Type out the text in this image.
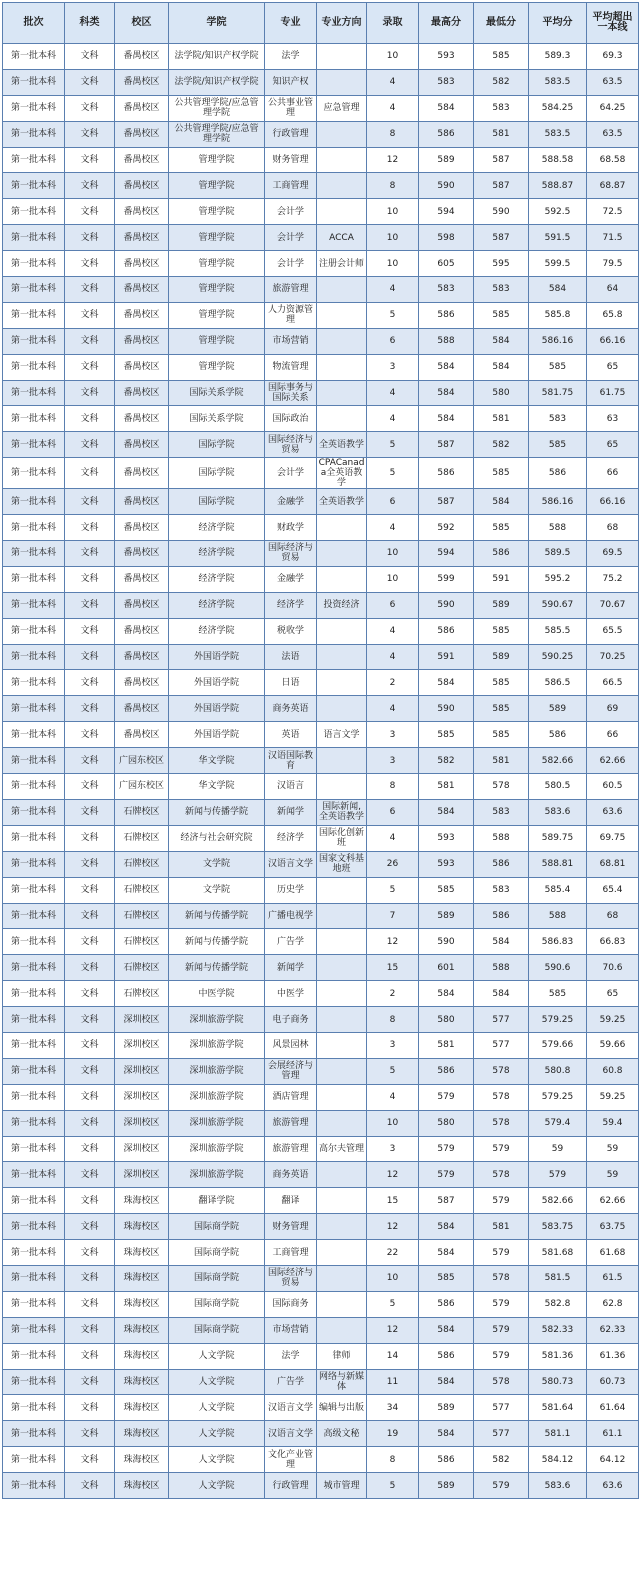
批次	科类	校区	学院	专业	专业方向	录取	最高分	最低分	平均分	平均超出一本线
第一批本科	文科	番禺校区	法学院/知识产权学院	法学		10	593	585	589.3	69.3
第一批本科	文科	番禺校区	法学院/知识产权学院	知识产权		4	583	582	583.5	63.5
第一批本科	文科	番禺校区	公共管理学院/应急管理学院	公共事业管理	应急管理	4	584	583	584.25	64.25
第一批本科	文科	番禺校区	公共管理学院/应急管理学院	行政管理		8	586	581	583.5	63.5
第一批本科	文科	番禺校区	管理学院	财务管理		12	589	587	588.58	68.58
第一批本科	文科	番禺校区	管理学院	工商管理		8	590	587	588.87	68.87
第一批本科	文科	番禺校区	管理学院	会计学		10	594	590	592.5	72.5
第一批本科	文科	番禺校区	管理学院	会计学	ACCA	10	598	587	591.5	71.5
第一批本科	文科	番禺校区	管理学院	会计学	注册会计师	10	605	595	599.5	79.5
第一批本科	文科	番禺校区	管理学院	旅游管理		4	583	583	584	64
第一批本科	文科	番禺校区	管理学院	人力资源管理		5	586	585	585.8	65.8
第一批本科	文科	番禺校区	管理学院	市场营销		6	588	584	586.16	66.16
第一批本科	文科	番禺校区	管理学院	物流管理		3	584	584	585	65
第一批本科	文科	番禺校区	国际关系学院	国际事务与国际关系		4	584	580	581.75	61.75
第一批本科	文科	番禺校区	国际关系学院	国际政治		4	584	581	583	63
第一批本科	文科	番禺校区	国际学院	国际经济与贸易	全英语教学	5	587	582	585	65
第一批本科	文科	番禺校区	国际学院	会计学	CPACanada全英语教学	5	586	585	586	66
第一批本科	文科	番禺校区	国际学院	金融学	全英语教学	6	587	584	586.16	66.16
第一批本科	文科	番禺校区	经济学院	财政学		4	592	585	588	68
第一批本科	文科	番禺校区	经济学院	国际经济与贸易		10	594	586	589.5	69.5
第一批本科	文科	番禺校区	经济学院	金融学		10	599	591	595.2	75.2
第一批本科	文科	番禺校区	经济学院	经济学	投资经济	6	590	589	590.67	70.67
第一批本科	文科	番禺校区	经济学院	税收学		4	586	585	585.5	65.5
第一批本科	文科	番禺校区	外国语学院	法语		4	591	589	590.25	70.25
第一批本科	文科	番禺校区	外国语学院	日语		2	584	585	586.5	66.5
第一批本科	文科	番禺校区	外国语学院	商务英语		4	590	585	589	69
第一批本科	文科	番禺校区	外国语学院	英语	语言文学	3	585	585	586	66
第一批本科	文科	广园东校区	华文学院	汉语国际教育		3	582	581	582.66	62.66
第一批本科	文科	广园东校区	华文学院	汉语言		8	581	578	580.5	60.5
第一批本科	文科	石牌校区	新闻与传播学院	新闻学	国际新闻,全英语教学	6	584	583	583.6	63.6
第一批本科	文科	石牌校区	经济与社会研究院	经济学	国际化创新班	4	593	588	589.75	69.75
第一批本科	文科	石牌校区	文学院	汉语言文学	国家文科基地班	26	593	586	588.81	68.81
第一批本科	文科	石牌校区	文学院	历史学		5	585	583	585.4	65.4
第一批本科	文科	石牌校区	新闻与传播学院	广播电视学		7	589	586	588	68
第一批本科	文科	石牌校区	新闻与传播学院	广告学		12	590	584	586.83	66.83
第一批本科	文科	石牌校区	新闻与传播学院	新闻学		15	601	588	590.6	70.6
第一批本科	文科	石牌校区	中医学院	中医学		2	584	584	585	65
第一批本科	文科	深圳校区	深圳旅游学院	电子商务		8	580	577	579.25	59.25
第一批本科	文科	深圳校区	深圳旅游学院	风景园林		3	581	577	579.66	59.66
第一批本科	文科	深圳校区	深圳旅游学院	会展经济与管理		5	586	578	580.8	60.8
第一批本科	文科	深圳校区	深圳旅游学院	酒店管理		4	579	578	579.25	59.25
第一批本科	文科	深圳校区	深圳旅游学院	旅游管理		10	580	578	579.4	59.4
第一批本科	文科	深圳校区	深圳旅游学院	旅游管理	高尔夫管理	3	579	579	59	59
第一批本科	文科	深圳校区	深圳旅游学院	商务英语		12	579	578	579	59
第一批本科	文科	珠海校区	翻译学院	翻译		15	587	579	582.66	62.66
第一批本科	文科	珠海校区	国际商学院	财务管理		12	584	581	583.75	63.75
第一批本科	文科	珠海校区	国际商学院	工商管理		22	584	579	581.68	61.68
第一批本科	文科	珠海校区	国际商学院	国际经济与贸易		10	585	578	581.5	61.5
第一批本科	文科	珠海校区	国际商学院	国际商务		5	586	579	582.8	62.8
第一批本科	文科	珠海校区	国际商学院	市场营销		12	584	579	582.33	62.33
第一批本科	文科	珠海校区	人文学院	法学	律师	14	586	579	581.36	61.36
第一批本科	文科	珠海校区	人文学院	广告学	网络与新媒体	11	584	578	580.73	60.73
第一批本科	文科	珠海校区	人文学院	汉语言文学	编辑与出版	34	589	577	581.64	61.64
第一批本科	文科	珠海校区	人文学院	汉语言文学	高级文秘	19	584	577	581.1	61.1
第一批本科	文科	珠海校区	人文学院	文化产业管理		8	586	582	584.12	64.12
第一批本科	文科	珠海校区	人文学院	行政管理	城市管理	5	589	579	583.6	63.6
